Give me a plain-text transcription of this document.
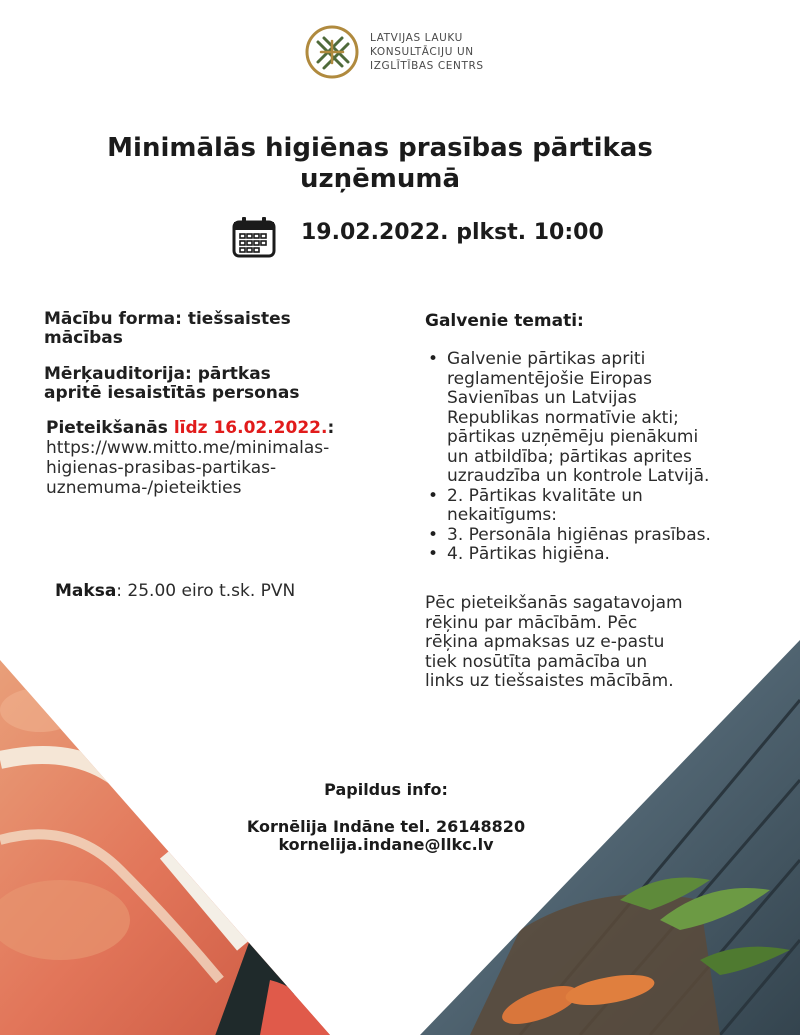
LATVIJAS LAUKU
KONSULTĀCIJU UN
IZGLĪTĪBAS CENTRS
Minimālās higiēnas prasības pārtikas
uzņēmumā
19.02.2022. plkst. 10:00
Mācību forma: tiešsaistes
mācības
Mērķauditorija: pārtkas
apritē iesaistītās personas
Pieteikšanās līdz 16.02.2022.:
https://www.mitto.me/minimalas-
higienas-prasibas-partikas-
uznemuma-/pieteikties
Maksa: 25.00 eiro t.sk. PVN
Galvenie temati:
• Galvenie pārtikas apriti
reglamentējošie Eiropas
Savienības un Latvijas
Republikas normatīvie akti;
pārtikas uzņēmēju pienākumi
un atbildība; pārtikas aprites
uzraudzība un kontrole Latvijā.
• 2. Pārtikas kvalitāte un
nekaitīgums:
• 3. Personāla higiēnas prasības.
• 4. Pārtikas higiēna.
Pēc pieteikšanās sagatavojam
rēķinu par mācībām. Pēc
rēķina apmaksas uz e-pastu
tiek nosūtīta pamācība un
links uz tiešsaistes mācībām.
Papildus info:
Kornēlija Indāne tel. 26148820
kornelija.indane@llkc.lv
